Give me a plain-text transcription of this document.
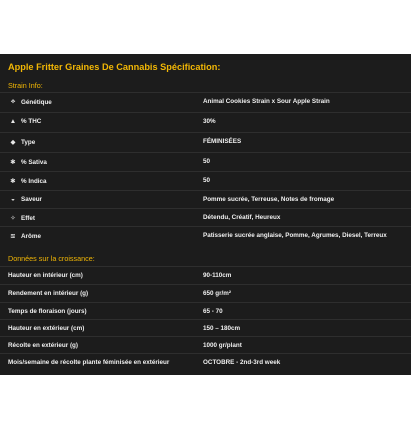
Apple Fritter Graines De Cannabis Spécification:
Strain Info:
⟡ Génétique	Animal Cookies Strain x Sour Apple Strain
▲ % THC	30%
◆ Type	FÉMINISÉES
✱ % Sativa	50
✱ % Indica	50
◒ Saveur	Pomme sucrée, Terreuse, Notes de fromage
✧ Effet	Détendu, Créatif, Heureux
≋ Arôme	Patisserie sucrée anglaise, Pomme, Agrumes, Diesel, Terreux
Données sur la croissance:
Hauteur en intérieur (cm)	90-110cm
Rendement en intérieur (g)	650 gr/m²
Temps de floraison (jours)	65 - 70
Hauteur en extérieur (cm)	150 – 180cm
Récolte en extérieur (g)	1000 gr/plant
Mois/semaine de récolte plante féminisée en extérieur	OCTOBRE - 2nd-3rd week
